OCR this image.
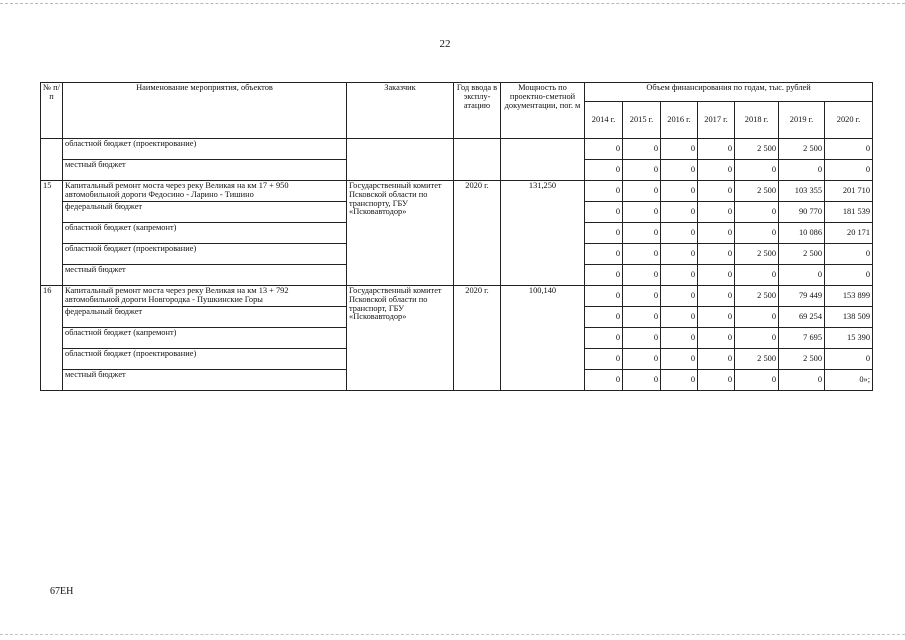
22
№ п/п	Наименование мероприятия, объектов	Заказчик	Год ввода в эксплу-атацию	Мощность по проектно-сметной документации, пог. м	Объем финансирования по годам, тыс. рублей						
					2014 г.	2015 г.	2016 г.	2017 г.	2018 г.	2019 г.	2020 г.
	областной бюджет (проектирование)				0	0	0	0	2 500	2 500	0
	местный бюджет				0	0	0	0	0	0	0
15	Капитальный ремонт моста через реку Великая на км 17 + 950 автомобильной дороги Федосино - Ларино - Тишино	Государственный комитет Псковской области по транспорту, ГБУ «Псковавтодор»	2020 г.	131,250	0	0	0	0	2 500	103 355	201 710
	федеральный бюджет				0	0	0	0	0	90 770	181 539
	областной бюджет (капремонт)				0	0	0	0	0	10 086	20 171
	областной бюджет (проектирование)				0	0	0	0	2 500	2 500	0
	местный бюджет				0	0	0	0	0	0	0
16	Капитальный ремонт моста через реку Великая на км 13 + 792 автомобильной дороги Новгородка - Пушкинские Горы	Государственный комитет Псковской области по транспорт, ГБУ «Псковавтодор»	2020 г.	100,140	0	0	0	0	2 500	79 449	153 899
	федеральный бюджет				0	0	0	0	0	69 254	138 509
	областной бюджет (капремонт)				0	0	0	0	0	7 695	15 390
	областной бюджет (проектирование)				0	0	0	0	2 500	2 500	0
	местный бюджет				0	0	0	0	0	0	0»;
67EH
